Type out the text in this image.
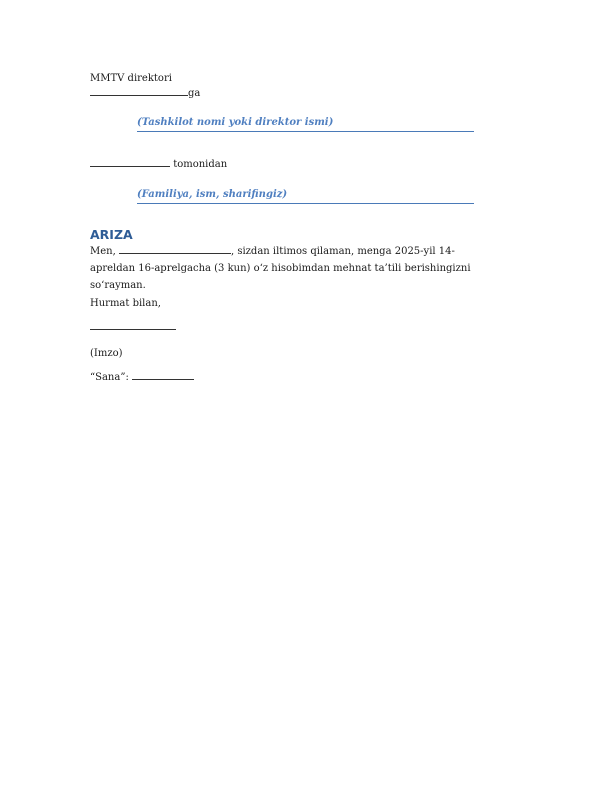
MMTV direktori
ga
(Tashkilot nomi yoki direktor ismi)
tomonidan
(Familiya, ism, sharifingiz)
ARIZA
Men,	, sizdan iltimos qilaman, menga 2025-yil 14-apreldan 16-aprelgacha (3 kun) o‘z hisobimdan mehnat ta’tili berishingizni so‘rayman.
Hurmat bilan,
(Imzo)
“Sana”:
